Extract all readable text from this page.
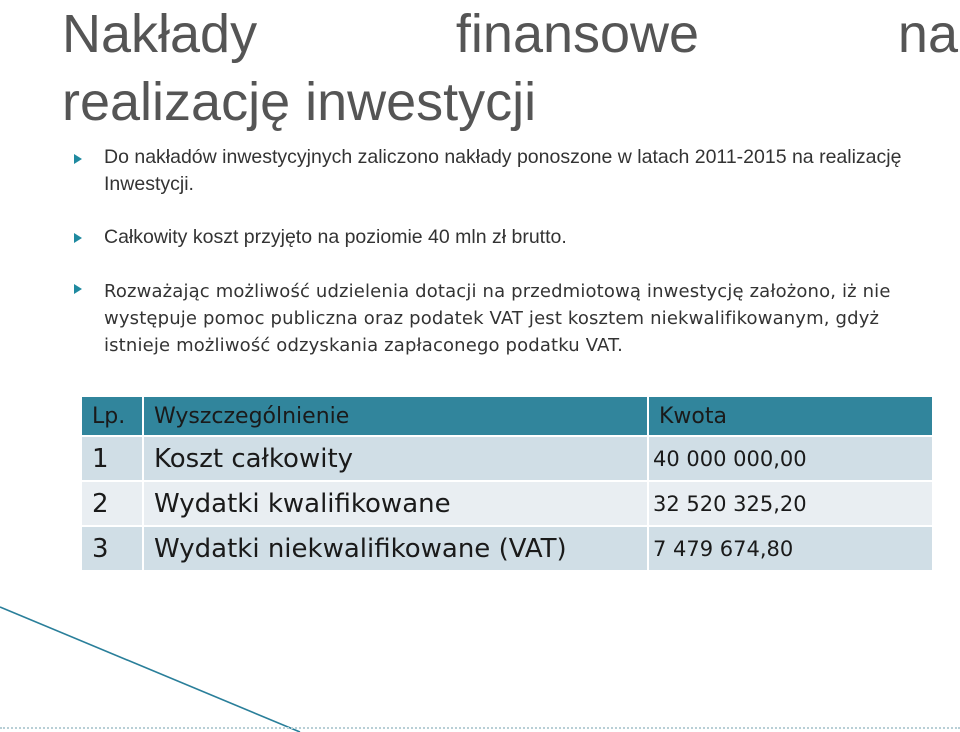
Nakłady	finansowe	na
realizację inwestycji
Do nakładów inwestycyjnych zaliczono nakłady ponoszone w latach 2011-2015 na realizację Inwestycji.
Całkowity koszt przyjęto na poziomie 40 mln zł brutto.
Rozważając możliwość udzielenia dotacji na przedmiotową inwestycję założono, iż nie występuje pomoc publiczna oraz podatek VAT jest kosztem niekwalifikowanym, gdyż istnieje możliwość odzyskania zapłaconego podatku VAT.
Lp.	Wyszczególnienie	Kwota
1	Koszt całkowity	40 000 000,00
2	Wydatki kwalifikowane	32 520 325,20
3	Wydatki niekwalifikowane (VAT)	7 479 674,80
